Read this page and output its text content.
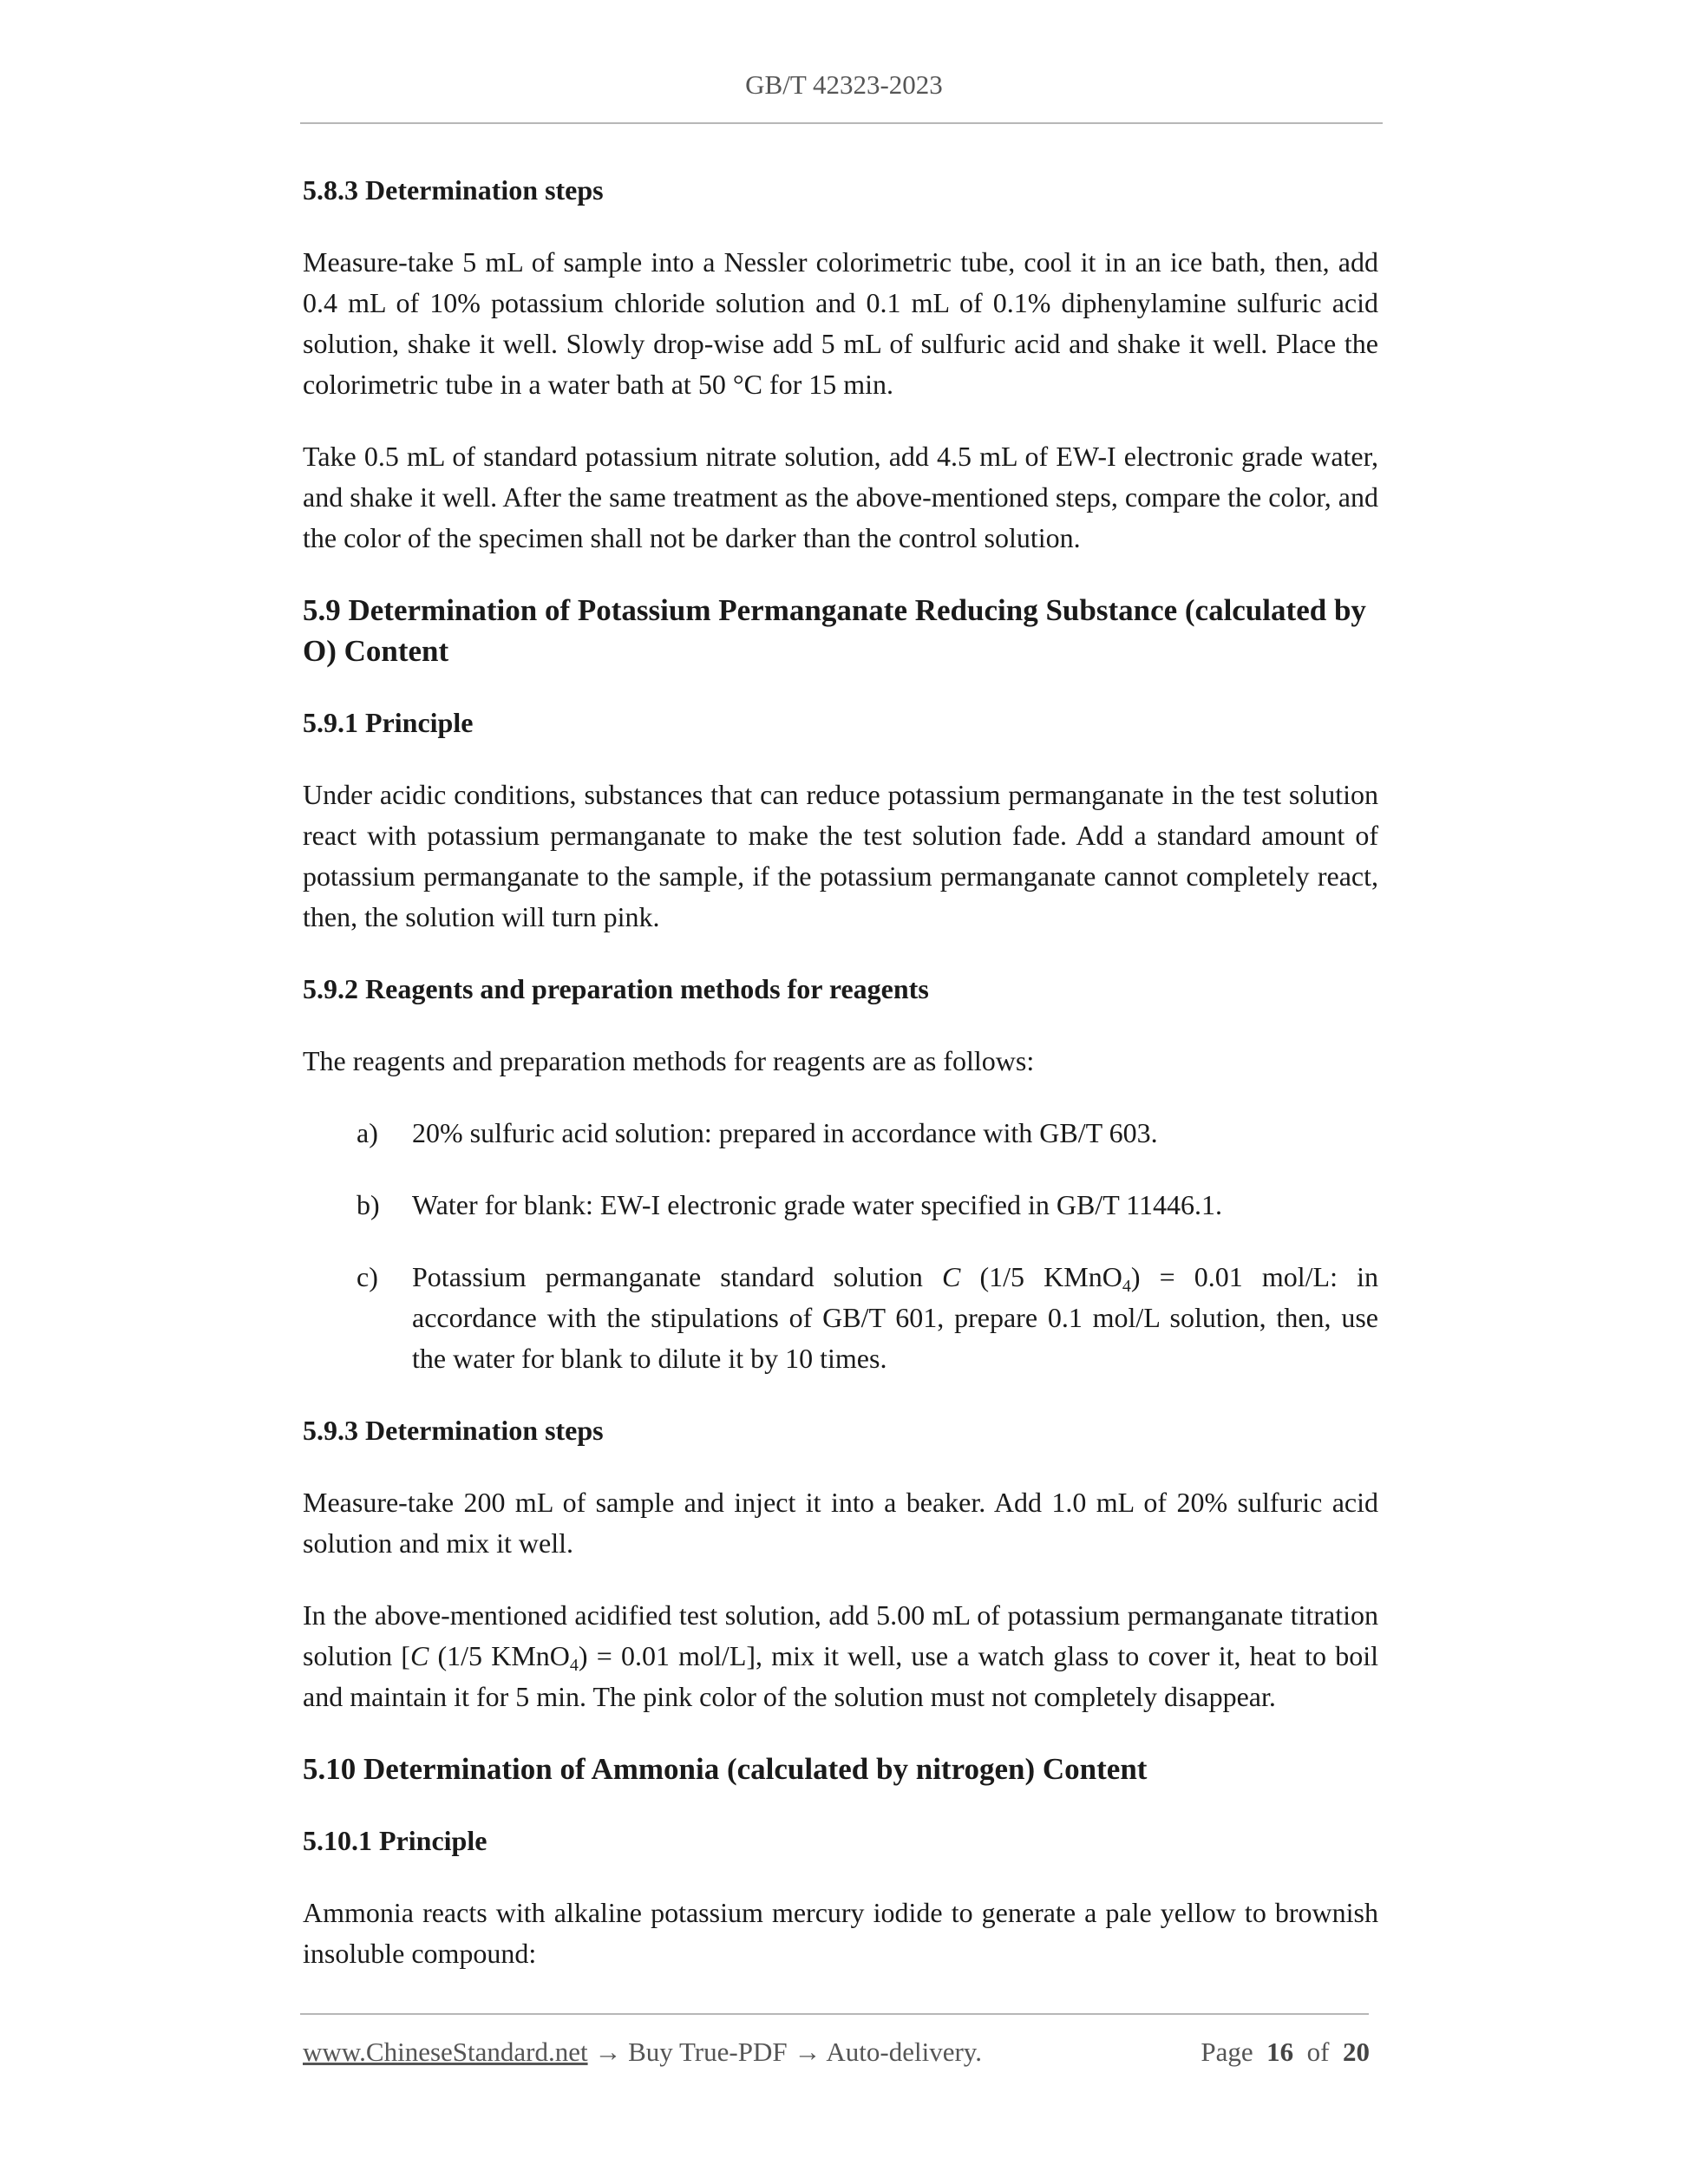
GB/T 42323-2023
5.8.3 Determination steps
Measure-take 5 mL of sample into a Nessler colorimetric tube, cool it in an ice bath, then, add 0.4 mL of 10% potassium chloride solution and 0.1 mL of 0.1% diphenylamine sulfuric acid solution, shake it well. Slowly drop-wise add 5 mL of sulfuric acid and shake it well. Place the colorimetric tube in a water bath at 50 °C for 15 min.
Take 0.5 mL of standard potassium nitrate solution, add 4.5 mL of EW-I electronic grade water, and shake it well. After the same treatment as the above-mentioned steps, compare the color, and the color of the specimen shall not be darker than the control solution.
5.9 Determination of Potassium Permanganate Reducing Substance (calculated by O) Content
5.9.1 Principle
Under acidic conditions, substances that can reduce potassium permanganate in the test solution react with potassium permanganate to make the test solution fade. Add a standard amount of potassium permanganate to the sample, if the potassium permanganate cannot completely react, then, the solution will turn pink.
5.9.2 Reagents and preparation methods for reagents
The reagents and preparation methods for reagents are as follows:
a)	20% sulfuric acid solution: prepared in accordance with GB/T 603.
b)	Water for blank: EW-I electronic grade water specified in GB/T 11446.1.
c)	Potassium permanganate standard solution C (1/5 KMnO$_4$) = 0.01 mol/L: in accordance with the stipulations of GB/T 601, prepare 0.1 mol/L solution, then, use the water for blank to dilute it by 10 times.
5.9.3 Determination steps
Measure-take 200 mL of sample and inject it into a beaker. Add 1.0 mL of 20% sulfuric acid solution and mix it well.
In the above-mentioned acidified test solution, add 5.00 mL of potassium permanganate titration solution [C (1/5 KMnO$_4$) = 0.01 mol/L], mix it well, use a watch glass to cover it, heat to boil and maintain it for 5 min. The pink color of the solution must not completely disappear.
5.10 Determination of Ammonia (calculated by nitrogen) Content
5.10.1 Principle
Ammonia reacts with alkaline potassium mercury iodide to generate a pale yellow to brownish insoluble compound:
www.ChineseStandard.net → Buy True-PDF → Auto-delivery.	Page 16 of 20
